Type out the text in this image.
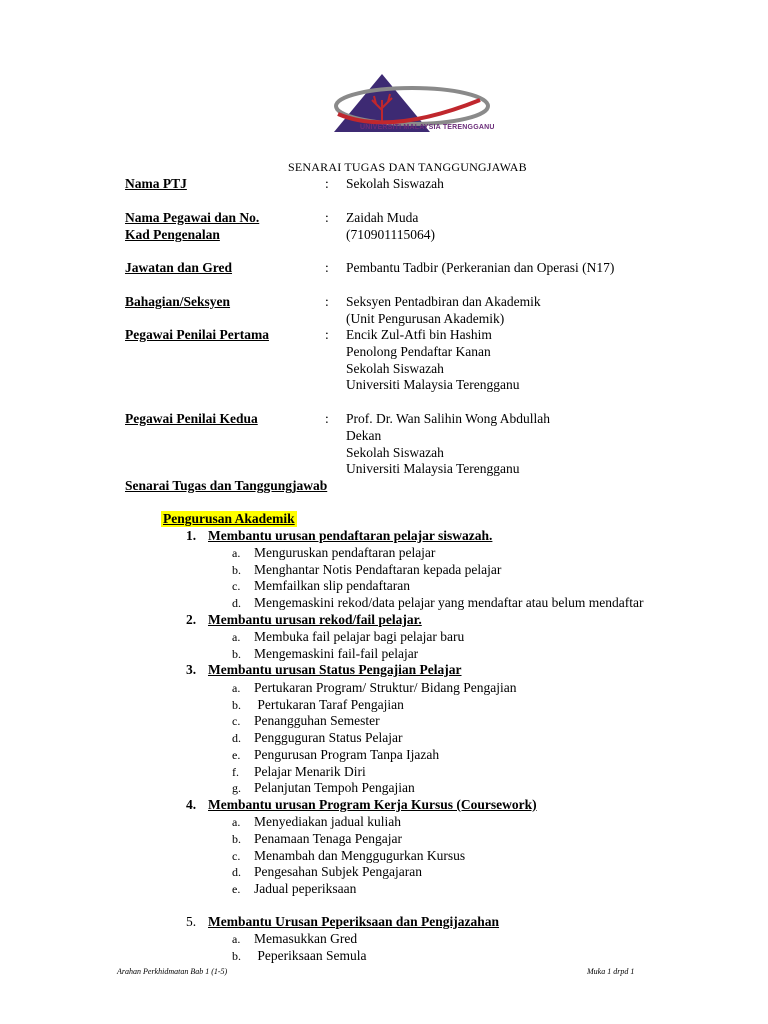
UNIVERSITI MALAYSIA TERENGGANU
SENARAI TUGAS DAN TANGGUNGJAWAB
Nama PTJ	: Sekolah Siswazah
Nama Pegawai dan No.
Kad Pengenalan
: Zaidah Muda
(710901115064)
Jawatan dan Gred	: Pembantu Tadbir (Perkeranian dan Operasi (N17)
Bahagian/Seksyen	: Seksyen Pentadbiran dan Akademik
(Unit Pengurusan Akademik)
Pegawai Penilai Pertama	: Encik Zul-Atfi bin Hashim
Penolong Pendaftar Kanan
Sekolah Siswazah
Universiti Malaysia Terengganu
Pegawai Penilai Kedua	: Prof. Dr. Wan Salihin Wong Abdullah
Dekan
Sekolah Siswazah
Universiti Malaysia Terengganu
Senarai Tugas dan Tanggungjawab
Pengurusan Akademik
1. Membantu urusan pendaftaran pelajar siswazah.
a. Menguruskan pendaftaran pelajar
b. Menghantar Notis Pendaftaran kepada pelajar
c. Memfailkan slip pendaftaran
d. Mengemaskini rekod/data pelajar yang mendaftar atau belum mendaftar
2. Membantu urusan rekod/fail pelajar.
a. Membuka fail pelajar bagi pelajar baru
b. Mengemaskini fail-fail pelajar
3. Membantu urusan Status Pengajian Pelajar
a. Pertukaran Program/ Struktur/ Bidang Pengajian
b. Pertukaran Taraf Pengajian
c. Penangguhan Semester
d. Pengguguran Status Pelajar
e. Pengurusan Program Tanpa Ijazah
f. Pelajar Menarik Diri
g. Pelanjutan Tempoh Pengajian
4. Membantu urusan Program Kerja Kursus (Coursework)
a. Menyediakan jadual kuliah
b. Penamaan Tenaga Pengajar
c. Menambah dan Menggugurkan Kursus
d. Pengesahan Subjek Pengajaran
e. Jadual peperiksaan
5. Membantu Urusan Peperiksaan dan Pengijazahan
a. Memasukkan Gred
b. Peperiksaan Semula
Arahan Perkhidmatan Bab 1 (1-5)	Muka 1 drpd 1
